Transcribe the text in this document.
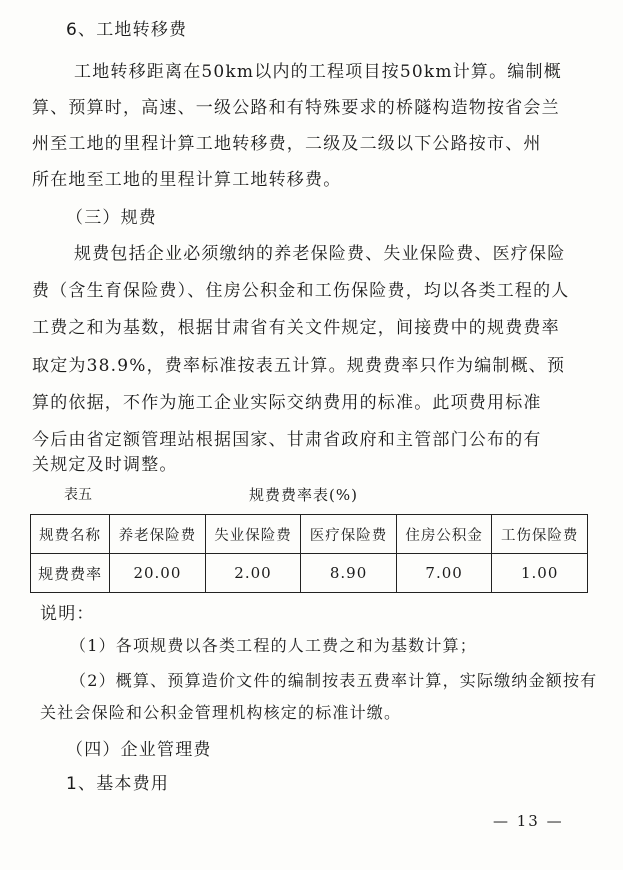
6、工地转移费
工地转移距离在50km以内的工程项目按50km计算。编制概
算、预算时，高速、一级公路和有特殊要求的桥隧构造物按省会兰
州至工地的里程计算工地转移费，二级及二级以下公路按市、州
所在地至工地的里程计算工地转移费。
（三）规费
规费包括企业必须缴纳的养老保险费、失业保险费、医疗保险
费（含生育保险费）、住房公积金和工伤保险费，均以各类工程的人
工费之和为基数，根据甘肃省有关文件规定，间接费中的规费费率
取定为38.9%，费率标准按表五计算。规费费率只作为编制概、预
算的依据，不作为施工企业实际交纳费用的标准。此项费用标准
今后由省定额管理站根据国家、甘肃省政府和主管部门公布的有
关规定及时调整。
表五	规费费率表(%)
规费名称	养老保险费	失业保险费	医疗保险费	住房公积金	工伤保险费
规费费率	20.00	2.00	8.90	7.00	1.00
说明：
（1）各项规费以各类工程的人工费之和为基数计算；
（2）概算、预算造价文件的编制按表五费率计算，实际缴纳金额按有
关社会保险和公积金管理机构核定的标准计缴。
（四）企业管理费
1、基本费用
— 13 —
